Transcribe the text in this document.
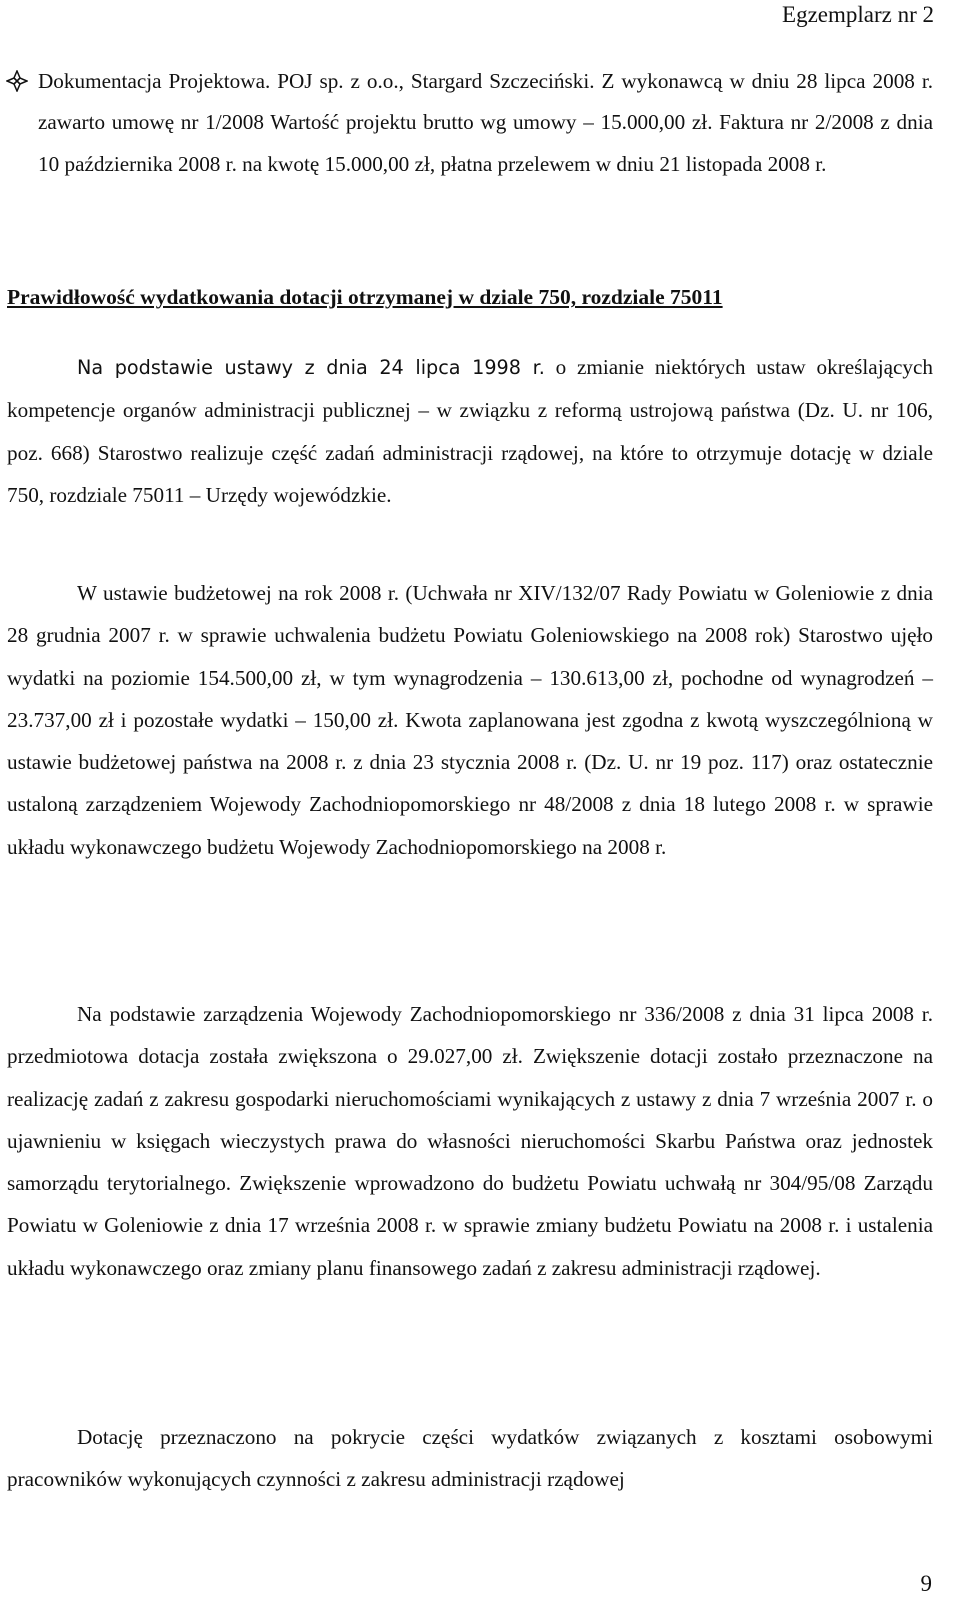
Egzemplarz nr 2

Dokumentacja Projektowa. POJ sp. z o.o., Stargard Szczeciński. Z wykonawcą w dniu 28 lipca 2008 r. zawarto umowę nr 1/2008 Wartość projektu brutto wg umowy – 15.000,00 zł. Faktura nr 2/2008 z dnia 10 października 2008 r. na kwotę 15.000,00 zł, płatna przelewem w dniu 21 listopada 2008 r.

Prawidłowość wydatkowania dotacji otrzymanej w dziale 750, rozdziale 75011

Na podstawie ustawy z dnia 24 lipca 1998 r. o zmianie niektórych ustaw określających kompetencje organów administracji publicznej – w związku z reformą ustrojową państwa (Dz. U. nr 106, poz. 668) Starostwo realizuje część zadań administracji rządowej, na które to otrzymuje dotację w dziale 750, rozdziale 75011 – Urzędy wojewódzkie.

W ustawie budżetowej na rok 2008 r. (Uchwała nr XIV/132/07 Rady Powiatu w Goleniowie z dnia 28 grudnia 2007 r. w sprawie uchwalenia budżetu Powiatu Goleniowskiego na 2008 rok) Starostwo ujęło wydatki na poziomie 154.500,00 zł, w tym wynagrodzenia – 130.613,00 zł, pochodne od wynagrodzeń – 23.737,00 zł i pozostałe wydatki – 150,00 zł. Kwota zaplanowana jest zgodna z kwotą wyszczególnioną w ustawie budżetowej państwa na 2008 r. z dnia 23 stycznia 2008 r. (Dz. U. nr 19 poz. 117) oraz ostatecznie ustaloną zarządzeniem Wojewody Zachodniopomorskiego nr 48/2008 z dnia 18 lutego 2008 r. w sprawie układu wykonawczego budżetu Wojewody Zachodniopomorskiego na 2008 r.

Na podstawie zarządzenia Wojewody Zachodniopomorskiego nr 336/2008 z dnia 31 lipca 2008 r. przedmiotowa dotacja została zwiększona o 29.027,00 zł. Zwiększenie dotacji zostało przeznaczone na realizację zadań z zakresu gospodarki nieruchomościami wynikających z ustawy z dnia 7 września 2007 r. o ujawnieniu w księgach wieczystych prawa do własności nieruchomości Skarbu Państwa oraz jednostek samorządu terytorialnego. Zwiększenie wprowadzono do budżetu Powiatu uchwałą nr 304/95/08 Zarządu Powiatu w Goleniowie z dnia 17 września 2008 r. w sprawie zmiany budżetu Powiatu na 2008 r. i ustalenia układu wykonawczego oraz zmiany planu finansowego zadań z zakresu administracji rządowej.

Dotację przeznaczono na pokrycie części wydatków związanych z kosztami osobowymi pracowników wykonujących czynności z zakresu administracji rządowej

9
